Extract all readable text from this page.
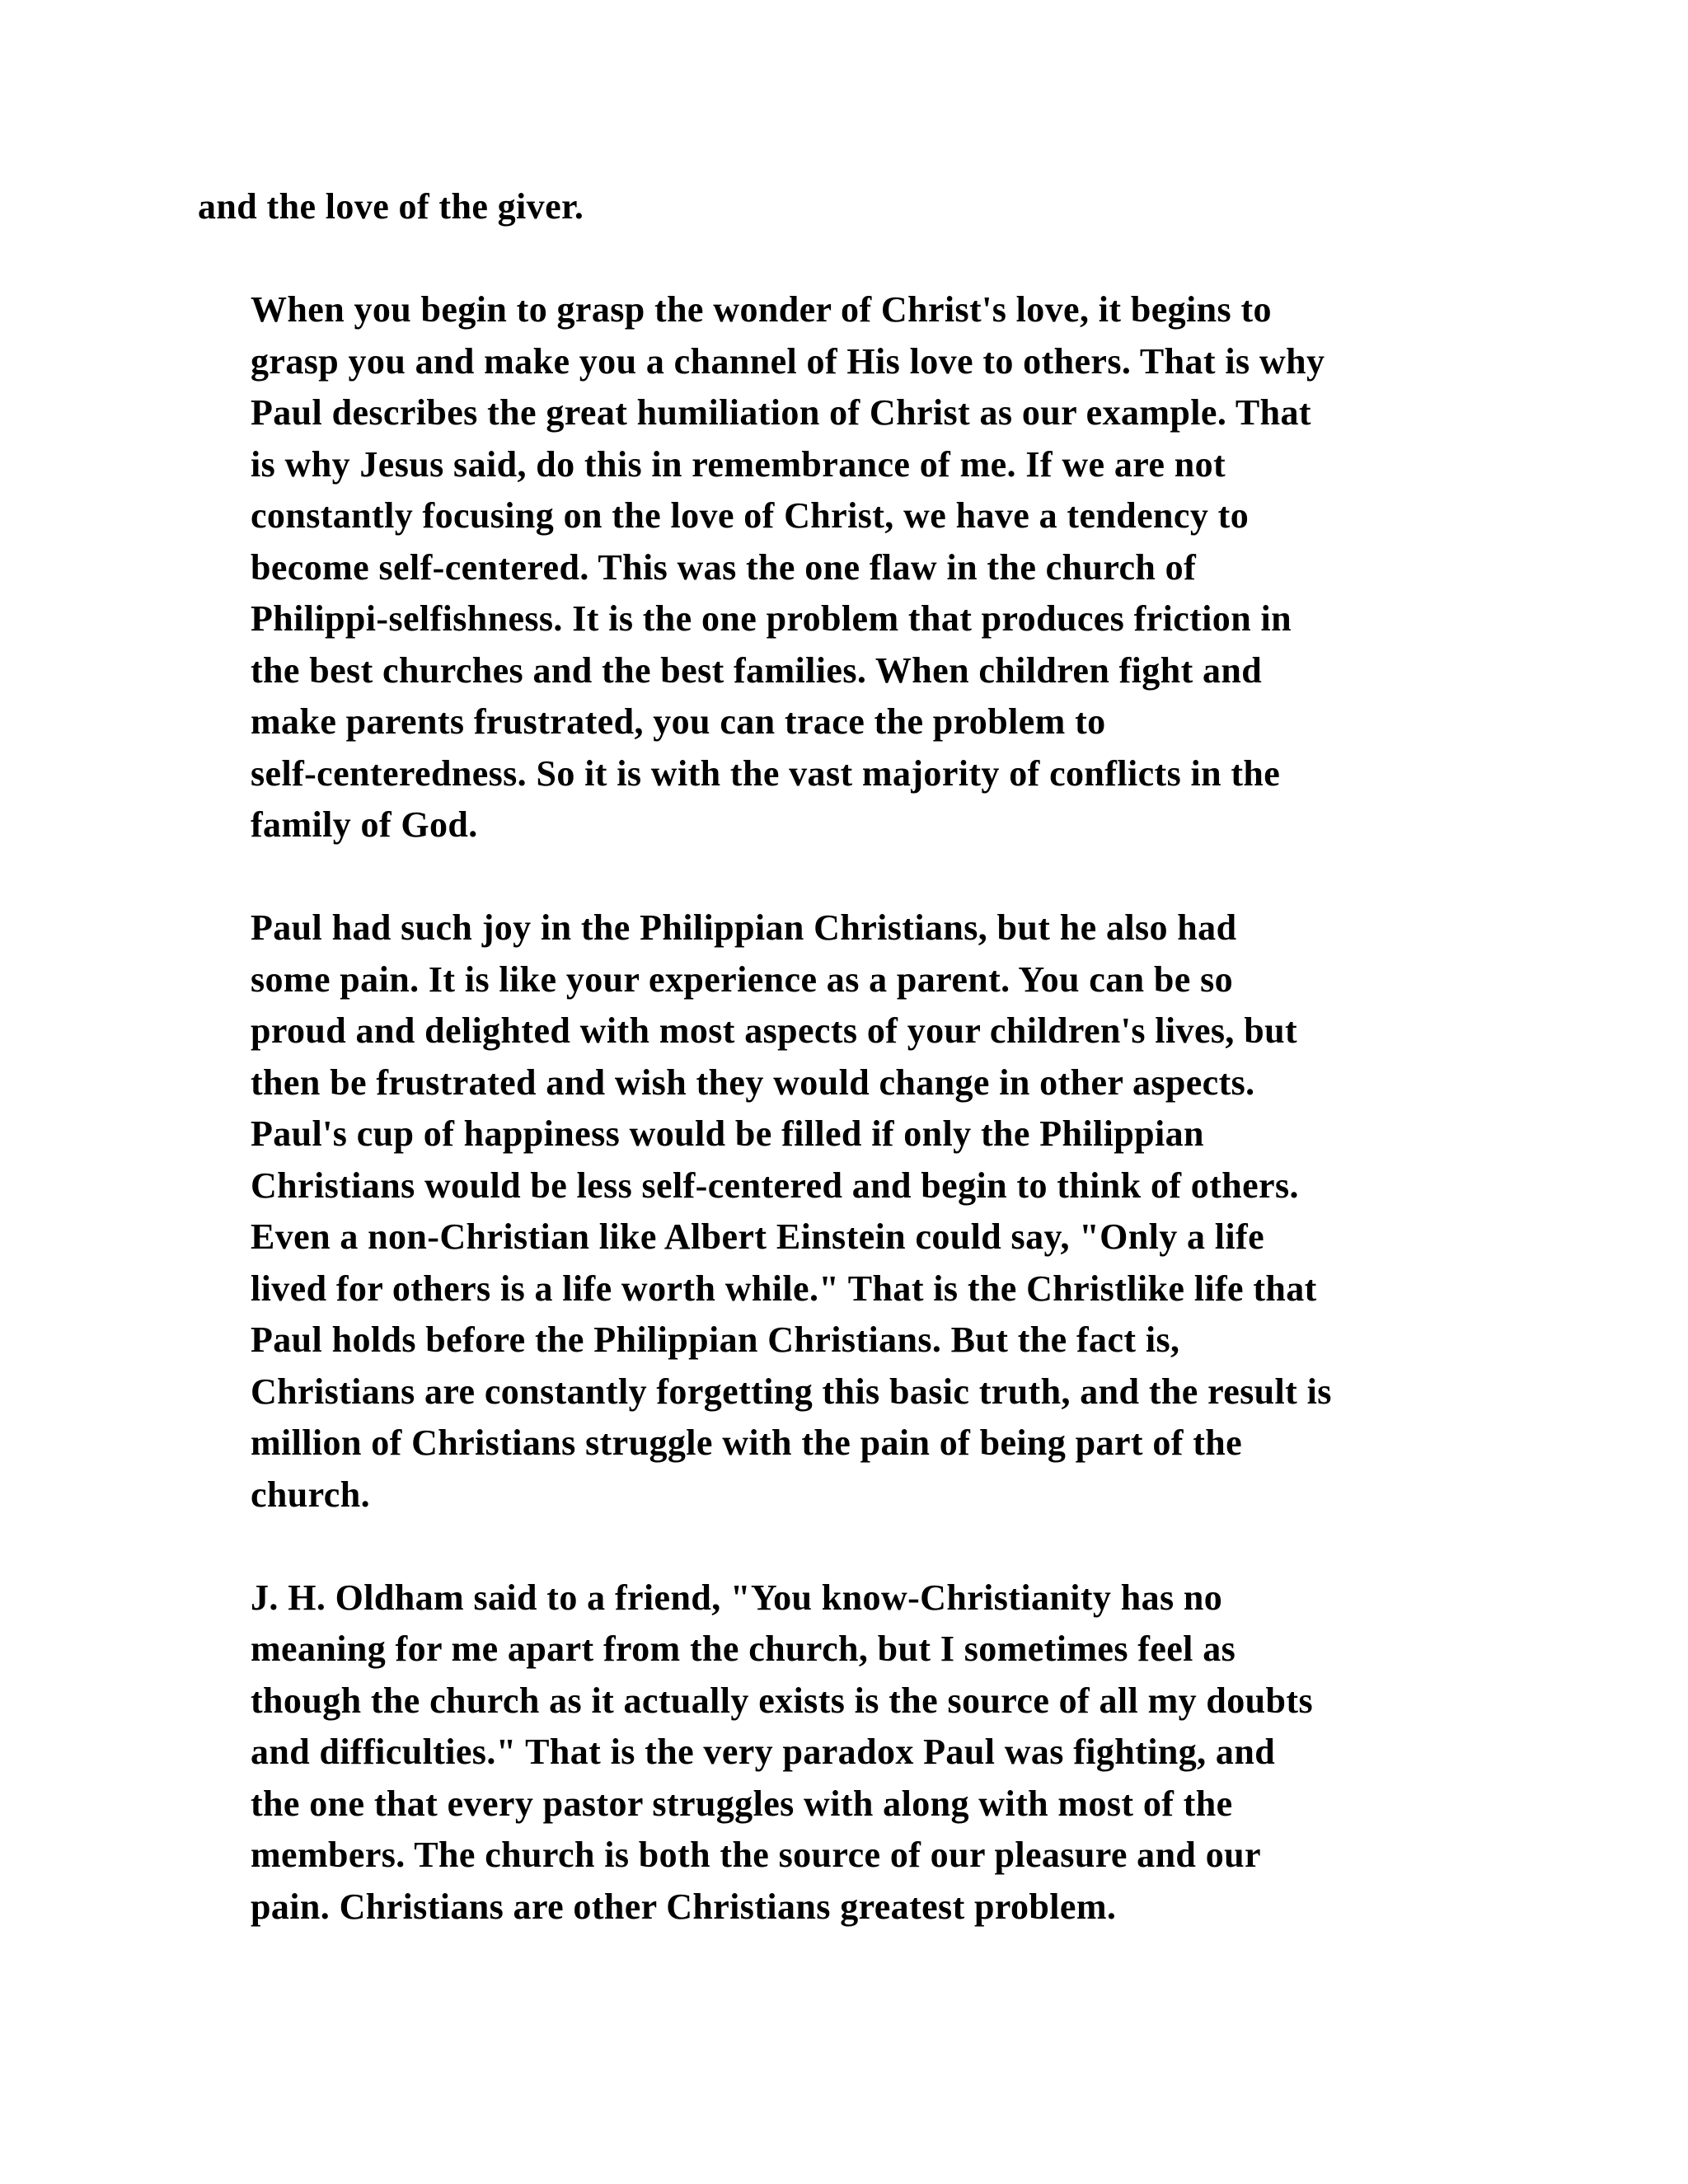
and the love of the giver.

When you begin to grasp the wonder of Christ's love, it begins to
grasp you and make you a channel of His love to others. That is why
Paul describes the great humiliation of Christ as our example. That
is why Jesus said, do this in remembrance of me. If we are not
constantly focusing on the love of Christ, we have a tendency to
become self-centered. This was the one flaw in the church of
Philippi-selfishness. It is the one problem that produces friction in
the best churches and the best families. When children fight and
make parents frustrated, you can trace the problem to
self-centeredness. So it is with the vast majority of conflicts in the
family of God.

Paul had such joy in the Philippian Christians, but he also had
some pain. It is like your experience as a parent. You can be so
proud and delighted with most aspects of your children's lives, but
then be frustrated and wish they would change in other aspects.
Paul's cup of happiness would be filled if only the Philippian
Christians would be less self-centered and begin to think of others.
Even a non-Christian like Albert Einstein could say, "Only a life
lived for others is a life worth while." That is the Christlike life that
Paul holds before the Philippian Christians. But the fact is,
Christians are constantly forgetting this basic truth, and the result is
million of Christians struggle with the pain of being part of the
church.

J. H. Oldham said to a friend, "You know-Christianity has no
meaning for me apart from the church, but I sometimes feel as
though the church as it actually exists is the source of all my doubts
and difficulties." That is the very paradox Paul was fighting, and
the one that every pastor struggles with along with most of the
members. The church is both the source of our pleasure and our
pain. Christians are other Christians greatest problem.
